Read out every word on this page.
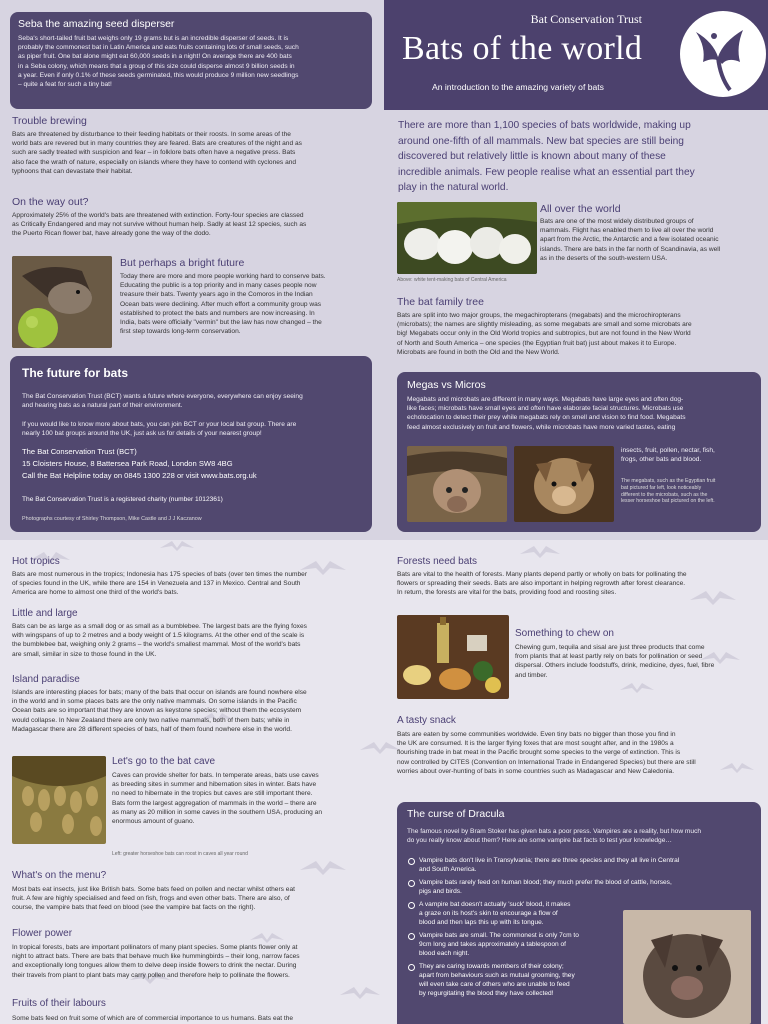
Seba the amazing seed disperser
Seba's short-tailed fruit bat weighs only 19 grams but is an incredible disperser of seeds. It is
probably the commonest bat in Latin America and eats fruits containing lots of small seeds, such
as piper fruit. One bat alone might eat 60,000 seeds in a night! On average there are 400 bats
in a Seba colony, which means that a group of this size could disperse almost 9 billion seeds in
a year. Even if only 0.1% of these seeds germinated, this would produce 9 million new seedlings
– quite a feat for such a tiny bat!
Trouble brewing
Bats are threatened by disturbance to their feeding habitats or their roosts. In some areas of the
world bats are revered but in many countries they are feared. Bats are creatures of the night and as
such are sadly treated with suspicion and fear – in folklore bats often have a negative press. Bats
also face the wrath of nature, especially on islands where they have to contend with cyclones and
typhoons that can devastate their habitat.
On the way out?
Approximately 25% of the world's bats are threatened with extinction. Forty-four species are classed
as Critically Endangered and may not survive without human help. Sadly at least 12 species, such as
the Puerto Rican flower bat, have already gone the way of the dodo.
But perhaps a bright future
Today there are more and more people working hard to conserve bats.
Educating the public is a top priority and in many cases people now
treasure their bats. Twenty years ago in the Comoros in the Indian
Ocean bats were declining. After much effort a community group was
established to protect the bats and numbers are now increasing. In
India, bats were officially "vermin" but the law has now changed – the
first step towards long-term conservation.
The future for bats
The Bat Conservation Trust (BCT) wants a future where everyone, everywhere can enjoy seeing
and hearing bats as a natural part of their environment.
If you would like to know more about bats, you can join BCT or your local bat group. There are
nearly 100 bat groups around the UK, just ask us for details of your nearest group!
The Bat Conservation Trust (BCT)
15 Cloisters House, 8 Battersea Park Road, London SW8 4BG
Call the Bat Helpline today on 0845 1300 228 or visit www.bats.org.uk
The Bat Conservation Trust is a registered charity (number 1012361)
Photographs courtesy of Shirley Thompson, Mike Castle and J J Kaczanow
Bat Conservation Trust
Bats of the world
An introduction to the amazing variety of bats
There are more than 1,100 species of bats worldwide, making up
around one-fifth of all mammals. New bat species are still being
discovered but relatively little is known about many of these
incredible animals. Few people realise what an essential part they
play in the natural world.
Above: white tent-making bats of Central America
All over the world
Bats are one of the most widely distributed groups of
mammals. Flight has enabled them to live all over the world
apart from the Arctic, the Antarctic and a few isolated oceanic
islands. There are bats in the far north of Scandinavia, as well
as in the deserts of the south-western USA.
The bat family tree
Bats are split into two major groups, the megachiropterans (megabats) and the microchiropterans
(microbats); the names are slightly misleading, as some megabats are small and some microbats are
big! Megabats occur only in the Old World tropics and subtropics, but are not found in the New World
of North and South America – one species (the Egyptian fruit bat) just about makes it to Europe.
Microbats are found in both the Old and the New World.
Megas vs Micros
Megabats and microbats are different in many ways. Megabats have large eyes and often dog-
like faces; microbats have small eyes and often have elaborate facial structures. Microbats use
echolocation to detect their prey while megabats rely on smell and vision to find food. Megabats
feed almost exclusively on fruit and flowers, while microbats have more varied tastes, eating
insects, fruit, pollen, nectar, fish,
frogs, other bats and blood.
The megabats, such as the Egyptian fruit
bat pictured far left, look noticeably
different to the microbats, such as the
lesser horseshoe bat pictured on the left.
Hot tropics
Bats are most numerous in the tropics; Indonesia has 175 species of bats (over ten times the number
of species found in the UK, while there are 154 in Venezuela and 137 in Mexico. Central and South
America are home to almost one third of the world's bats.
Little and large
Bats can be as large as a small dog or as small as a bumblebee. The largest bats are the flying foxes
with wingspans of up to 2 metres and a body weight of 1.5 kilograms. At the other end of the scale is
the bumblebee bat, weighing only 2 grams – the world's smallest mammal. Most of the world's bats
are small, similar in size to those found in the UK.
Island paradise
Islands are interesting places for bats; many of the bats that occur on islands are found nowhere else
in the world and in some places bats are the only native mammals. On some islands in the Pacific
Ocean bats are so important that they are known as keystone species; without them the ecosystem
would collapse. In New Zealand there are only two native mammals, both of them bats; while in
Madagascar there are 28 different species of bats, half of them found nowhere else in the world.
Let's go to the bat cave
Caves can provide shelter for bats. In temperate areas, bats use caves
as breeding sites in summer and hibernation sites in winter. Bats have
no need to hibernate in the tropics but caves are still important there.
Bats form the largest aggregation of mammals in the world – there are
as many as 20 million in some caves in the southern USA, producing an
enormous amount of guano.
Left: greater horseshoe bats can roost in caves all year round
What's on the menu?
Most bats eat insects, just like British bats. Some bats feed on pollen and nectar whilst others eat
fruit. A few are highly specialised and feed on fish, frogs and even other bats. There are also, of
course, the vampire bats that feed on blood (see the vampire bat facts on the right).
Flower power
In tropical forests, bats are important pollinators of many plant species. Some plants flower only at
night to attract bats. There are bats that behave much like hummingbirds – their long, narrow faces
and exceptionally long tongues allow them to delve deep inside flowers to drink the nectar. During
their travels from plant to plant bats may carry pollen and therefore help to pollinate the flowers.
Fruits of their labours
Some bats feed on fruit some of which are of commercial importance to us humans. Bats eat the
Forests need bats
Bats are vital to the health of forests. Many plants depend partly or wholly on bats for pollinating the
flowers or spreading their seeds. Bats are also important in helping regrowth after forest clearance.
In return, the forests are vital for the bats, providing food and roosting sites.
Something to chew on
Chewing gum, tequila and sisal are just three products that come
from plants that at least partly rely on bats for pollination or seed
dispersal. Others include foodstuffs, drink, medicine, dyes, fuel, fibre
and timber.
A tasty snack
Bats are eaten by some communities worldwide. Even tiny bats no bigger than those you find in
the UK are consumed. It is the larger flying foxes that are most sought after, and in the 1980s a
flourishing trade in bat meat in the Pacific brought some species to the verge of extinction. This is
now controlled by CITES (Convention on International Trade in Endangered Species) but there are still
worries about over-hunting of bats in some countries such as Madagascar and New Caledonia.
The curse of Dracula
The famous novel by Bram Stoker has given bats a poor press. Vampires are a reality, but how much
do you really know about them? Here are some vampire bat facts to test your knowledge…
Vampire bats don't live in Transylvania; there are three species and they all live in Central
and South America.
Vampire bats rarely feed on human blood; they much prefer the blood of cattle, horses,
pigs and birds.
A vampire bat doesn't actually 'suck' blood, it makes
a graze on its host's skin to encourage a flow of
blood and then laps this up with its tongue.
Vampire bats are small. The commonest is only 7cm to
9cm long and takes approximately a tablespoon of
blood each night.
They are caring towards members of their colony;
apart from behaviours such as mutual grooming, they
will even take care of others who are unable to feed
by regurgitating the blood they have collected!
